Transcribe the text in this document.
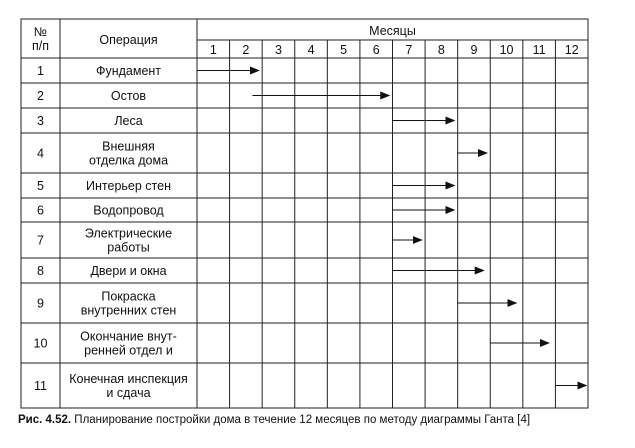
№
п/п	Операция
Месяцы
1 2 3 4 5 6 7 8 9 10 11 12
1	Фундамент
2	Остов
3	Леса
4	Внешняя
отделка дома
5	Интерьер стен
6	Водопровод
7	Электрические
работы
8	Двери и окна
9	Покраска
внутренних стен
10	Окончание внут-
ренней отдел и
11 Конечная инспекция
и сдача
Рис. 4.52. Планирование постройки дома в течение 12 месяцев по методу диаграммы Ганта [4]
